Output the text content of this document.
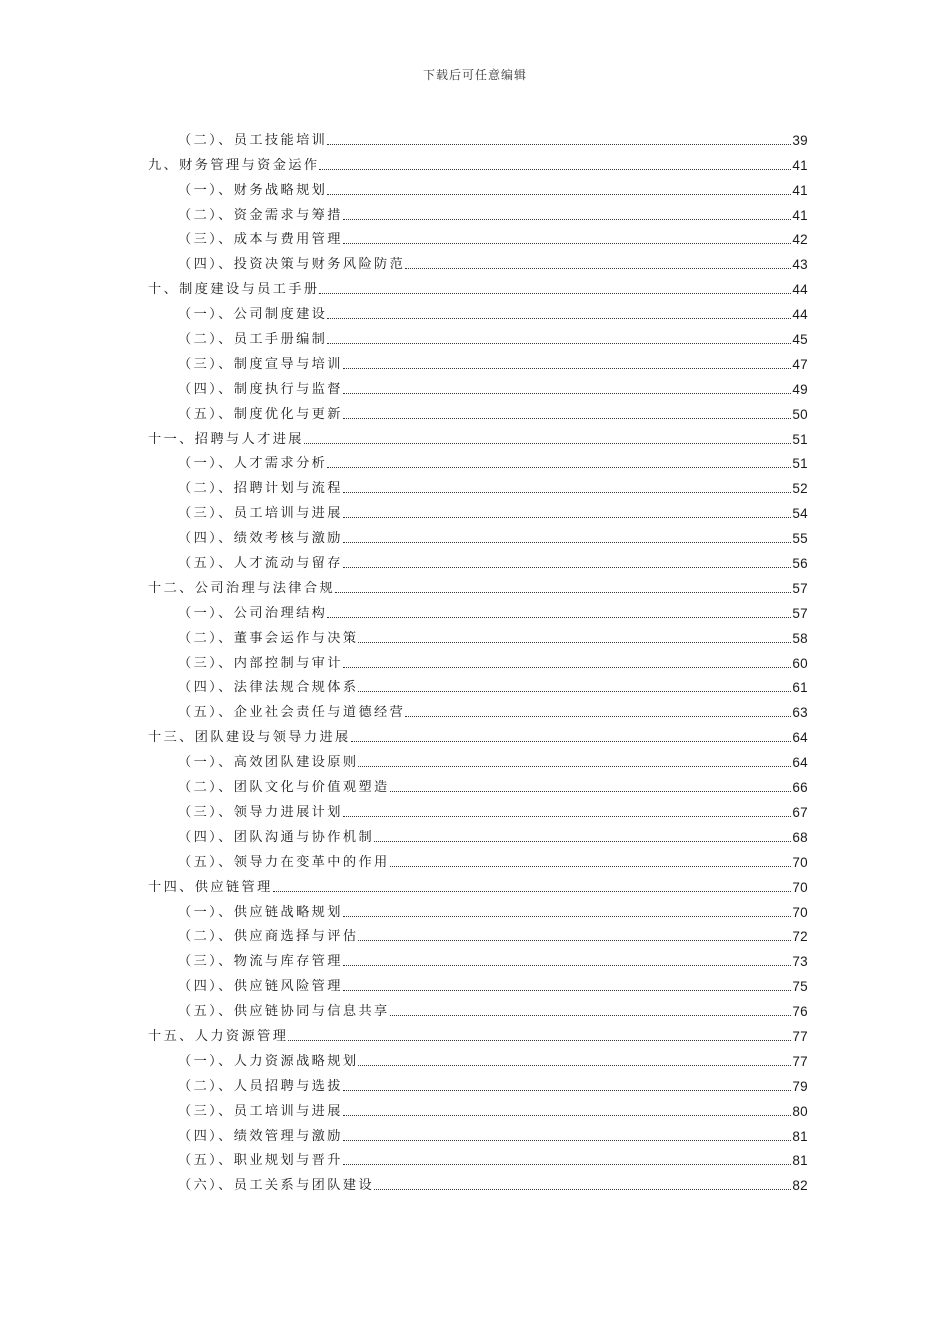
下载后可任意编辑
（二）、员工技能培训	39
九、财务管理与资金运作	41
（一）、财务战略规划	41
（二）、资金需求与筹措	41
（三）、成本与费用管理	42
（四）、投资决策与财务风险防范	43
十、制度建设与员工手册	44
（一）、公司制度建设	44
（二）、员工手册编制	45
（三）、制度宣导与培训	47
（四）、制度执行与监督	49
（五）、制度优化与更新	50
十一、招聘与人才进展	51
（一）、人才需求分析	51
（二）、招聘计划与流程	52
（三）、员工培训与进展	54
（四）、绩效考核与激励	55
（五）、人才流动与留存	56
十二、公司治理与法律合规	57
（一）、公司治理结构	57
（二）、董事会运作与决策	58
（三）、内部控制与审计	60
（四）、法律法规合规体系	61
（五）、企业社会责任与道德经营	63
十三、团队建设与领导力进展	64
（一）、高效团队建设原则	64
（二）、团队文化与价值观塑造	66
（三）、领导力进展计划	67
（四）、团队沟通与协作机制	68
（五）、领导力在变革中的作用	70
十四、供应链管理	70
（一）、供应链战略规划	70
（二）、供应商选择与评估	72
（三）、物流与库存管理	73
（四）、供应链风险管理	75
（五）、供应链协同与信息共享	76
十五、人力资源管理	77
（一）、人力资源战略规划	77
（二）、人员招聘与选拔	79
（三）、员工培训与进展	80
（四）、绩效管理与激励	81
（五）、职业规划与晋升	81
（六）、员工关系与团队建设	82
